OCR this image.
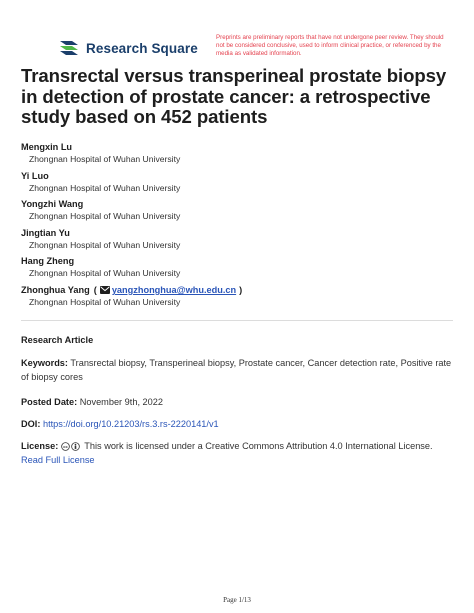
Research Square
Preprints are preliminary reports that have not undergone peer review. They should not be considered conclusive, used to inform clinical practice, or referenced by the media as validated information.
Transrectal versus transperineal prostate biopsy in detection of prostate cancer: a retrospective study based on 452 patients
Mengxin Lu
Zhongnan Hospital of Wuhan University
Yi Luo
Zhongnan Hospital of Wuhan University
Yongzhi Wang
Zhongnan Hospital of Wuhan University
Jingtian Yu
Zhongnan Hospital of Wuhan University
Hang Zheng
Zhongnan Hospital of Wuhan University
Zhonghua Yang ( yangzhonghua@whu.edu.cn )
Zhongnan Hospital of Wuhan University
Research Article
Keywords: Transrectal biopsy, Transperineal biopsy, Prostate cancer, Cancer detection rate, Positive rate of biopsy cores
Posted Date: November 9th, 2022
DOI: https://doi.org/10.21203/rs.3.rs-2220141/v1
License: cc This work is licensed under a Creative Commons Attribution 4.0 International License.
Read Full License
Page 1/13
